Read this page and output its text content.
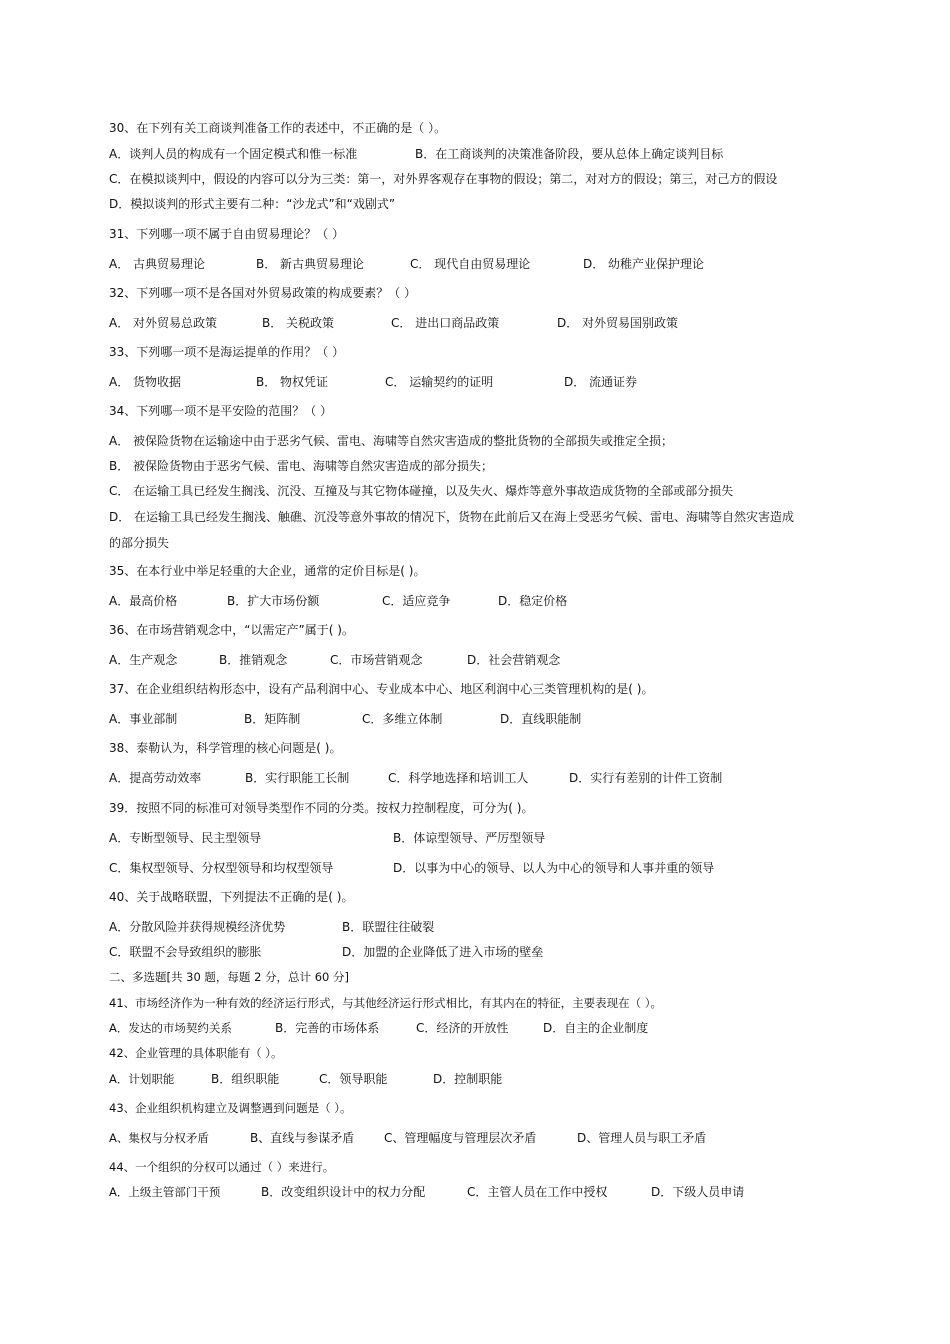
30、在下列有关工商谈判准备工作的表述中，不正确的是（ ）。
A．谈判人员的构成有一个固定模式和惟一标准	B．在工商谈判的决策准备阶段，要从总体上确定谈判目标
C．在模拟谈判中，假设的内容可以分为三类：第一，对外界客观存在事物的假设；第二，对对方的假设；第三，对己方的假设
D．模拟谈判的形式主要有二种：“沙龙式”和“戏剧式”
31、下列哪一项不属于自由贸易理论？（ ）
A． 古典贸易理论	B． 新古典贸易理论	C． 现代自由贸易理论	D． 幼稚产业保护理论
32、下列哪一项不是各国对外贸易政策的构成要素？（ ）
A． 对外贸易总政策	B． 关税政策	C． 进出口商品政策	D． 对外贸易国别政策
33、下列哪一项不是海运提单的作用？（ ）
A． 货物收据	B． 物权凭证	C． 运输契约的证明	D． 流通证券
34、下列哪一项不是平安险的范围？（ ）
A． 被保险货物在运输途中由于恶劣气候、雷电、海啸等自然灾害造成的整批货物的全部损失或推定全损；
B． 被保险货物由于恶劣气候、雷电、海啸等自然灾害造成的部分损失；
C． 在运输工具已经发生搁浅、沉没、互撞及与其它物体碰撞，以及失火、爆炸等意外事故造成货物的全部或部分损失
D． 在运输工具已经发生搁浅、触礁、沉没等意外事故的情况下，货物在此前后又在海上受恶劣气候、雷电、海啸等自然灾害造成
的部分损失
35、在本行业中举足轻重的大企业，通常的定价目标是( )。
A．最高价格	B．扩大市场份额	C．适应竞争	D．稳定价格
36、在市场营销观念中，“以需定产”属于( )。
A．生产观念	B．推销观念	C．市场营销观念	D．社会营销观念
37、在企业组织结构形态中，设有产品利润中心、专业成本中心、地区利润中心三类管理机构的是( )。
A．事业部制	B．矩阵制	C．多维立体制	D．直线职能制
38、泰勒认为，科学管理的核心问题是( )。
A．提高劳动效率	B．实行职能工长制	C．科学地选择和培训工人	D．实行有差别的计件工资制
39．按照不同的标准可对领导类型作不同的分类。按权力控制程度，可分为( )。
A．专断型领导、民主型领导	B．体谅型领导、严厉型领导
C．集权型领导、分权型领导和均权型领导	D．以事为中心的领导、以人为中心的领导和人事并重的领导
40、关于战略联盟，下列提法不正确的是( )。
A．分散风险并获得规模经济优势	B．联盟往往破裂
C．联盟不会导致组织的膨胀	D．加盟的企业降低了进入市场的壁垒
二、多选题[共 30 题，每题 2 分，总计 60 分]
41、市场经济作为一种有效的经济运行形式，与其他经济运行形式相比，有其内在的特征，主要表现在（ ）。
A．发达的市场契约关系	B．完善的市场体系	C．经济的开放性	D．自主的企业制度
42、企业管理的具体职能有（ ）。
A．计划职能	B．组织职能	C．领导职能	D．控制职能
43、企业组织机构建立及调整遇到问题是（ ）。
A、集权与分权矛盾	B、直线与参谋矛盾 C、管理幅度与管理层次矛盾	D、管理人员与职工矛盾
44、一个组织的分权可以通过（ ）来进行。
A．上级主管部门干预	B．改变组织设计中的权力分配	C．主管人员在工作中授权	D．下级人员申请
